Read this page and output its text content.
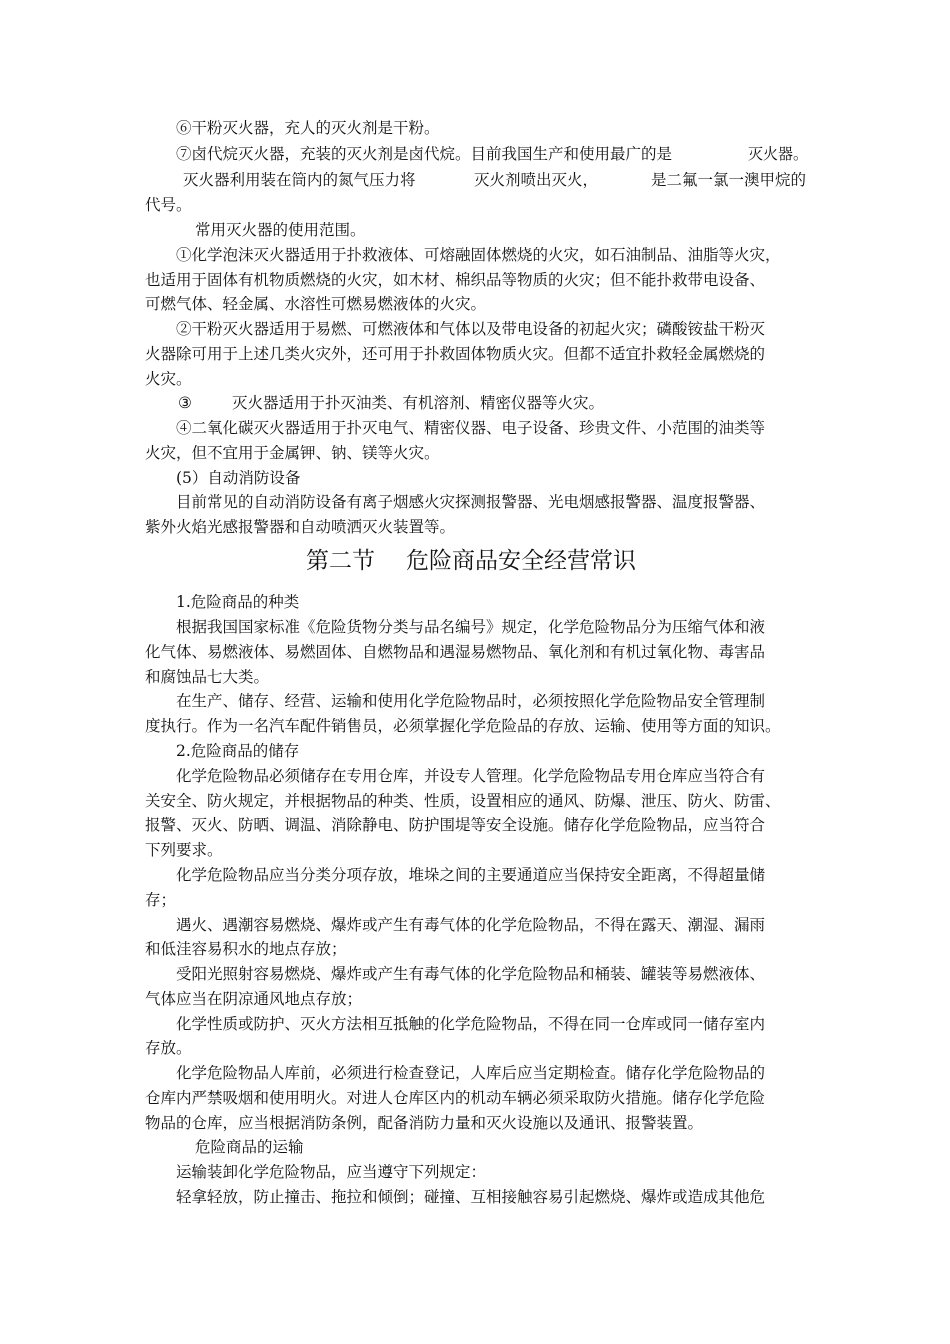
⑥干粉灭火器，充人的灭火剂是干粉。

⑦卤代烷灭火器，充装的灭火剂是卤代烷。目前我国生产和使用最广的是	灭火器。

灭火器利用装在筒内的氮气压力将	灭火剂喷出灭火，	是二氟一氯一澳甲烷的

代号。

常用灭火器的使用范围。

①化学泡沫灭火器适用于扑救液体、可熔融固体燃烧的火灾，如石油制品、油脂等火灾，

也适用于固体有机物质燃烧的火灾，如木材、棉织品等物质的火灾；但不能扑救带电设备、

可燃气体、轻金属、水溶性可燃易燃液体的火灾。

②干粉灭火器适用于易燃、可燃液体和气体以及带电设备的初起火灾；磷酸铵盐干粉灭

火器除可用于上述几类火灾外，还可用于扑救固体物质火灾。但都不适宜扑救轻金属燃烧的

火灾。

③	灭火器适用于扑灭油类、有机溶剂、精密仪器等火灾。

④二氧化碳灭火器适用于扑灭电气、精密仪器、电子设备、珍贵文件、小范围的油类等

火灾，但不宜用于金属钾、钠、镁等火灾。

(5）自动消防设备

目前常见的自动消防设备有离子烟感火灾探测报警器、光电烟感报警器、温度报警器、

紫外火焰光感报警器和自动喷洒灭火装置等。

第二节 危险商品安全经营常识

1.危险商品的种类

根据我国国家标准《危险货物分类与品名编号》规定，化学危险物品分为压缩气体和液

化气体、易燃液体、易燃固体、自燃物品和遇湿易燃物品、氧化剂和有机过氧化物、毒害品

和腐蚀品七大类。

在生产、储存、经营、运输和使用化学危险物品时，必须按照化学危险物品安全管理制

度执行。作为一名汽车配件销售员，必须掌握化学危险品的存放、运输、使用等方面的知识。

2.危险商品的储存

化学危险物品必须储存在专用仓库，并设专人管理。化学危险物品专用仓库应当符合有

关安全、防火规定，并根据物品的种类、性质，设置相应的通风、防爆、泄压、防火、防雷、

报警、灭火、防晒、调温、消除静电、防护围堤等安全设施。储存化学危险物品，应当符合

下列要求。

化学危险物品应当分类分项存放，堆垛之间的主要通道应当保持安全距离，不得超量储

存；

遇火、遇潮容易燃烧、爆炸或产生有毒气体的化学危险物品，不得在露天、潮湿、漏雨

和低洼容易积水的地点存放；

受阳光照射容易燃烧、爆炸或产生有毒气体的化学危险物品和桶装、罐装等易燃液体、

气体应当在阴凉通风地点存放；

化学性质或防护、灭火方法相互抵触的化学危险物品，不得在同一仓库或同一储存室内

存放。

化学危险物品人库前，必须进行检查登记，人库后应当定期检查。储存化学危险物品的

仓库内严禁吸烟和使用明火。对进人仓库区内的机动车辆必须采取防火措施。储存化学危险

物品的仓库，应当根据消防条例，配备消防力量和灭火设施以及通讯、报警装置。

危险商品的运输

运输装卸化学危险物品，应当遵守下列规定：

轻拿轻放，防止撞击、拖拉和倾倒；碰撞、互相接触容易引起燃烧、爆炸或造成其他危
